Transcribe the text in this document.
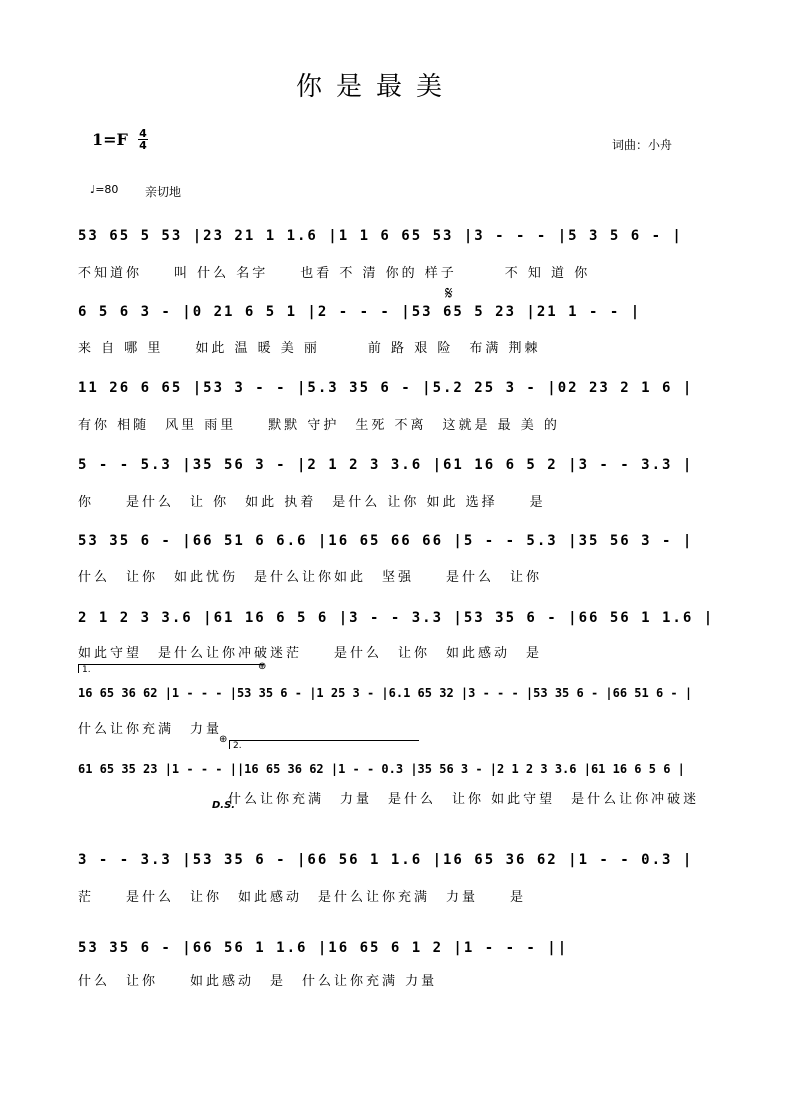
你是最美
1=F 4
4	词曲：小舟
♩=80 亲切地
𝄋
D.S.
1.	⊕
2.
⊕
53 65 5 53 |23 21 1 1.6 |1 1 6 65 53 |3 - - - |5 3 5 6 - |
不知道你　　叫 什么 名字　　也看 不 清 你的 样子　　　不 知 道 你
6 5 6 3 - |0 21 6 5 1 |2 - - - |53 65 5 23 |21 1 - - |
来 自 哪 里　　如此 温 暖 美 丽　　　前 路 艰 险　布满 荆棘
11 26 6 65 |53 3 - - |5.3 35 6 - |5.2 25 3 - |02 23 2 1 6 |
有你 相随　风里 雨里　　默默 守护　生死 不离　这就是 最 美 的
5 - - 5.3 |35 56 3 - |2 1 2 3 3.6 |61 16 6 5 2 |3 - - 3.3 |
你　　是什么　让 你　如此 执着　是什么 让你 如此 选择　　是
53 35 6 - |66 51 6 6.6 |16 65 66 66 |5 - - 5.3 |35 56 3 - |
什么　让你　如此忧伤　是什么让你如此　坚强　　是什么　让你
2 1 2 3 3.6 |61 16 6 5 6 |3 - - 3.3 |53 35 6 - |66 56 1 1.6 |
如此守望　是什么让你冲破迷茫　　是什么　让你　如此感动　是
16 65 36 62 |1 - - - |53 35 6 - |1 25 3 - |6.1 65 32 |3 - - - |53 35 6 - |66 51 6 - |
什么让你充满　力量
61 65 35 23 |1 - - - ||16 65 36 62 |1 - - 0.3 |35 56 3 - |2 1 2 3 3.6 |61 16 6 5 6 |
什么让你充满　力量　是什么　让你 如此守望　是什么让你冲破迷
3 - - 3.3 |53 35 6 - |66 56 1 1.6 |16 65 36 62 |1 - - 0.3 |
茫　　是什么　让你　如此感动　是什么让你充满　力量　　是
53 35 6 - |66 56 1 1.6 |16 65 6 1 2 |1 - - - ||
什么　让你　　如此感动　是　什么让你充满 力量
